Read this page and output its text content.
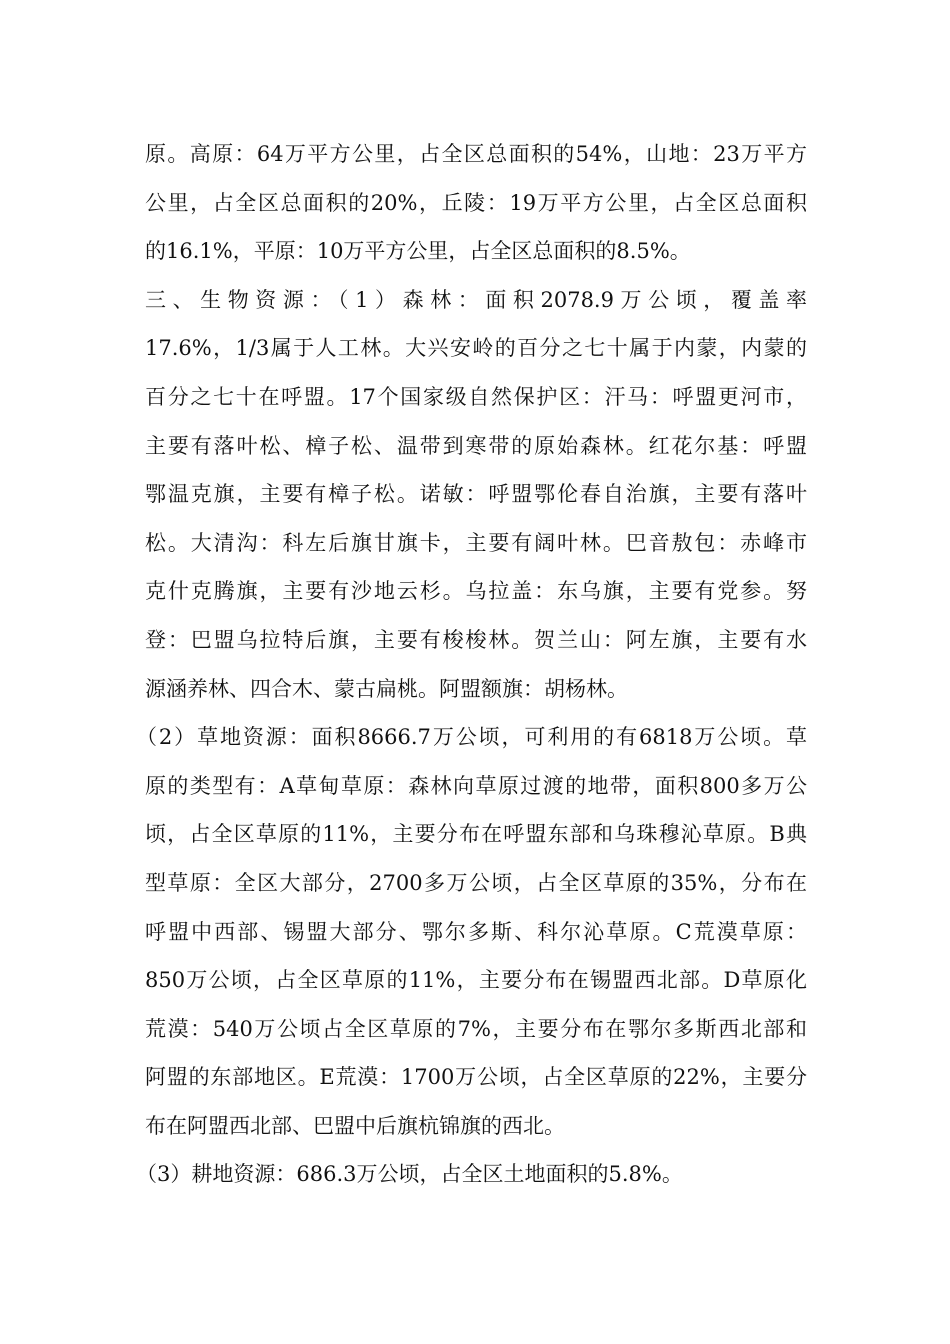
原。高原：64万平方公里，占全区总面积的54%，山地：23万平方
公里，占全区总面积的20%，丘陵：19万平方公里，占全区总面积
的16.1%，平原：10万平方公里，占全区总面积的8.5%。
三、生物资源：（1）森林：面积2078.9万公顷，覆盖率
17.6%，1/3属于人工林。大兴安岭的百分之七十属于内蒙，内蒙的
百分之七十在呼盟。17个国家级自然保护区：汗马：呼盟更河市，
主要有落叶松、樟子松、温带到寒带的原始森林。红花尔基：呼盟
鄂温克旗，主要有樟子松。诺敏：呼盟鄂伦春自治旗，主要有落叶
松。大清沟：科左后旗甘旗卡，主要有阔叶林。巴音敖包：赤峰市
克什克腾旗，主要有沙地云杉。乌拉盖：东乌旗，主要有党参。努
登：巴盟乌拉特后旗，主要有梭梭林。贺兰山：阿左旗，主要有水
源涵养林、四合木、蒙古扁桃。阿盟额旗：胡杨林。
（2）草地资源：面积8666.7万公顷，可利用的有6818万公顷。草
原的类型有：A草甸草原：森林向草原过渡的地带，面积800多万公
顷，占全区草原的11%，主要分布在呼盟东部和乌珠穆沁草原。B典
型草原：全区大部分，2700多万公顷，占全区草原的35%，分布在
呼盟中西部、锡盟大部分、鄂尔多斯、科尔沁草原。C荒漠草原：
850万公顷，占全区草原的11%，主要分布在锡盟西北部。D草原化
荒漠：540万公顷占全区草原的7%，主要分布在鄂尔多斯西北部和
阿盟的东部地区。E荒漠：1700万公顷，占全区草原的22%，主要分
布在阿盟西北部、巴盟中后旗杭锦旗的西北。
（3）耕地资源：686.3万公顷，占全区土地面积的5.8%。
